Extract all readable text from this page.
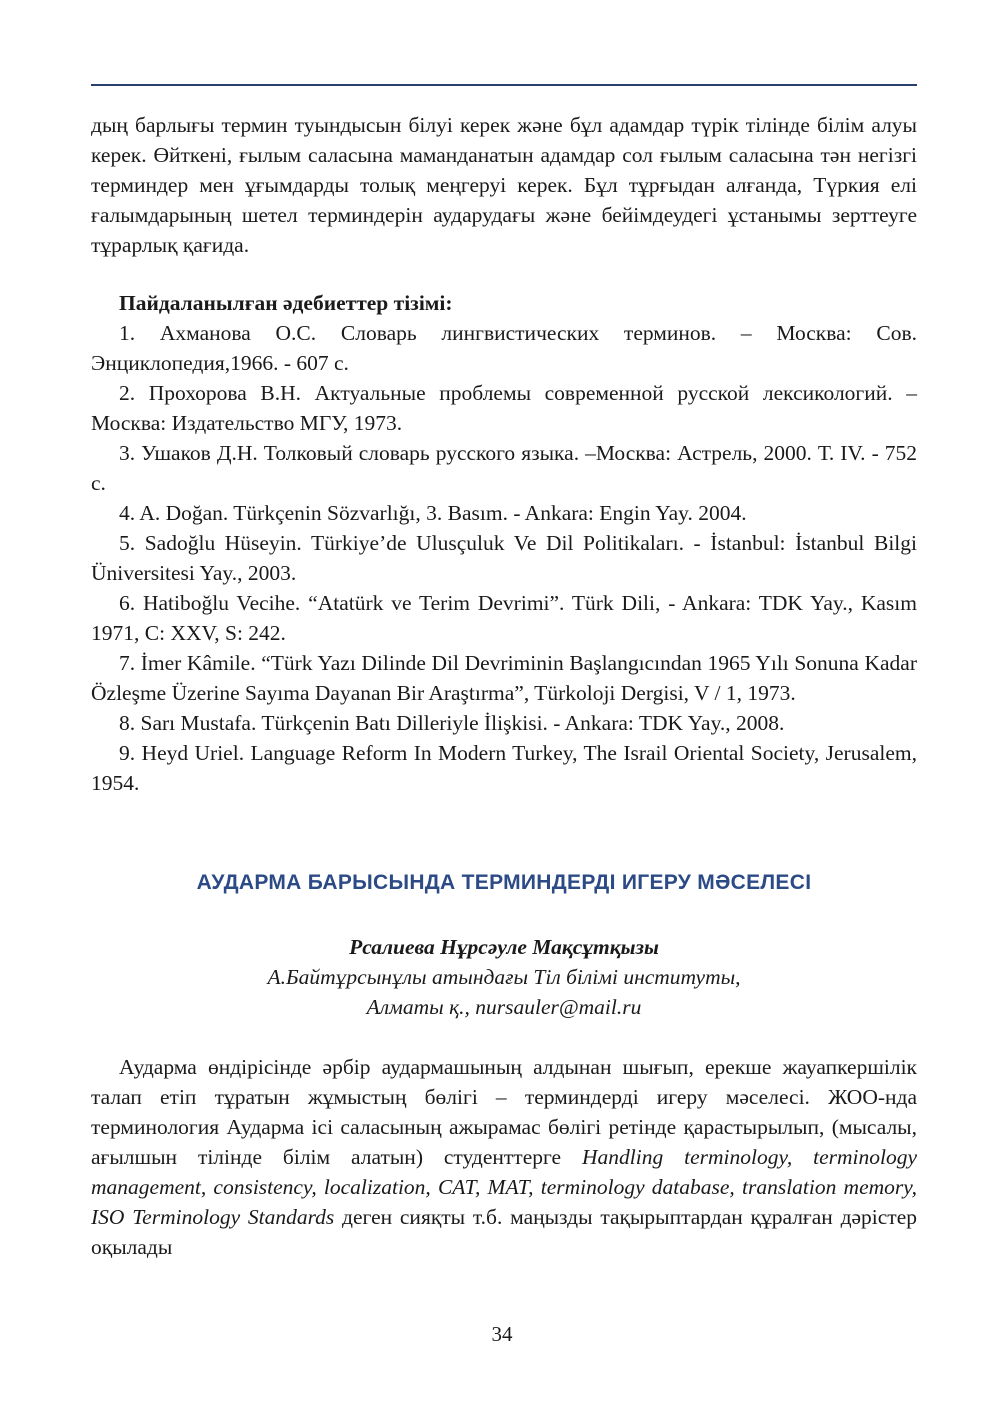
дың барлығы термин туындысын білуі керек және бұл адамдар түрік тілінде білім алуы керек. Өйткені, ғылым саласына маманданатын адамдар сол ғылым саласына тән негізгі терминдер мен ұғымдарды толық меңгеруі керек. Бұл тұрғыдан алғанда, Түркия елі ғалымдарының шетел терминдерін аударудағы және бейімдеудегі ұстанымы зерттеуге тұрарлық қағида.

Пайдаланылған әдебиеттер тізімі:

1. Ахманова О.С. Словарь лингвистических терминов. – Москва: Сов. Энциклопедия,1966. - 607 с.

2. Прохорова В.Н. Актуальные проблемы современной русской лексикологий. – Москва: Издательство МГУ, 1973.

3. Ушаков Д.Н. Толковый словарь русского языка. –Москва: Астрель, 2000. Т. IV. - 752 с.

4. A. Doğan. Türkçenin Sözvarlığı, 3. Basım. - Ankara: Engin Yay. 2004.

5. Sadoğlu Hüseyin. Türkiye’de Ulusçuluk Ve Dil Politikaları. - İstanbul: İstanbul Bilgi Üniversitesi Yay., 2003.

6. Hatiboğlu Vecihe. “Atatürk ve Terim Devrimi”. Türk Dili, - Ankara: TDK Yay., Kasım 1971, C: XXV, S: 242.

7. İmer Kâmile. “Türk Yazı Dilinde Dil Devriminin Başlangıcından 1965 Yılı Sonuna Kadar Özleşme Üzerine Sayıma Dayanan Bir Araştırma”, Türkoloji Dergisi, V / 1, 1973.

8. Sarı Mustafa. Türkçenin Batı Dilleriyle İlişkisi. - Ankara: TDK Yay., 2008.

9. Heyd Uriel. Language Reform In Modern Turkey, The Israil Oriental Society, Jerusalem, 1954.

АУДАРМА БАРЫСЫНДА ТЕРМИНДЕРДІ ИГЕРУ МӘСЕЛЕСІ

Рсалиева Нұрсәуле Мақсұтқызы

А.Байтұрсынұлы атындағы Тіл білімі институты,

Алматы қ., nursauler@mail.ru

Аударма өндірісінде әрбір аудармашының алдынан шығып, ерекше жауапкершілік талап етіп тұратын жұмыстың бөлігі – терминдерді игеру мәселесі. ЖОО-нда терминология Аударма ісі саласының ажырамас бөлігі ретінде қарастырылып, (мысалы, ағылшын тілінде білім алатын) студенттерге Handling terminology, terminology management, consistency, localization, CAT, MAT, terminology database, translation memory, ISO Terminology Standards деген сияқты т.б. маңызды тақырыптардан құралған дәрістер оқылады

34
